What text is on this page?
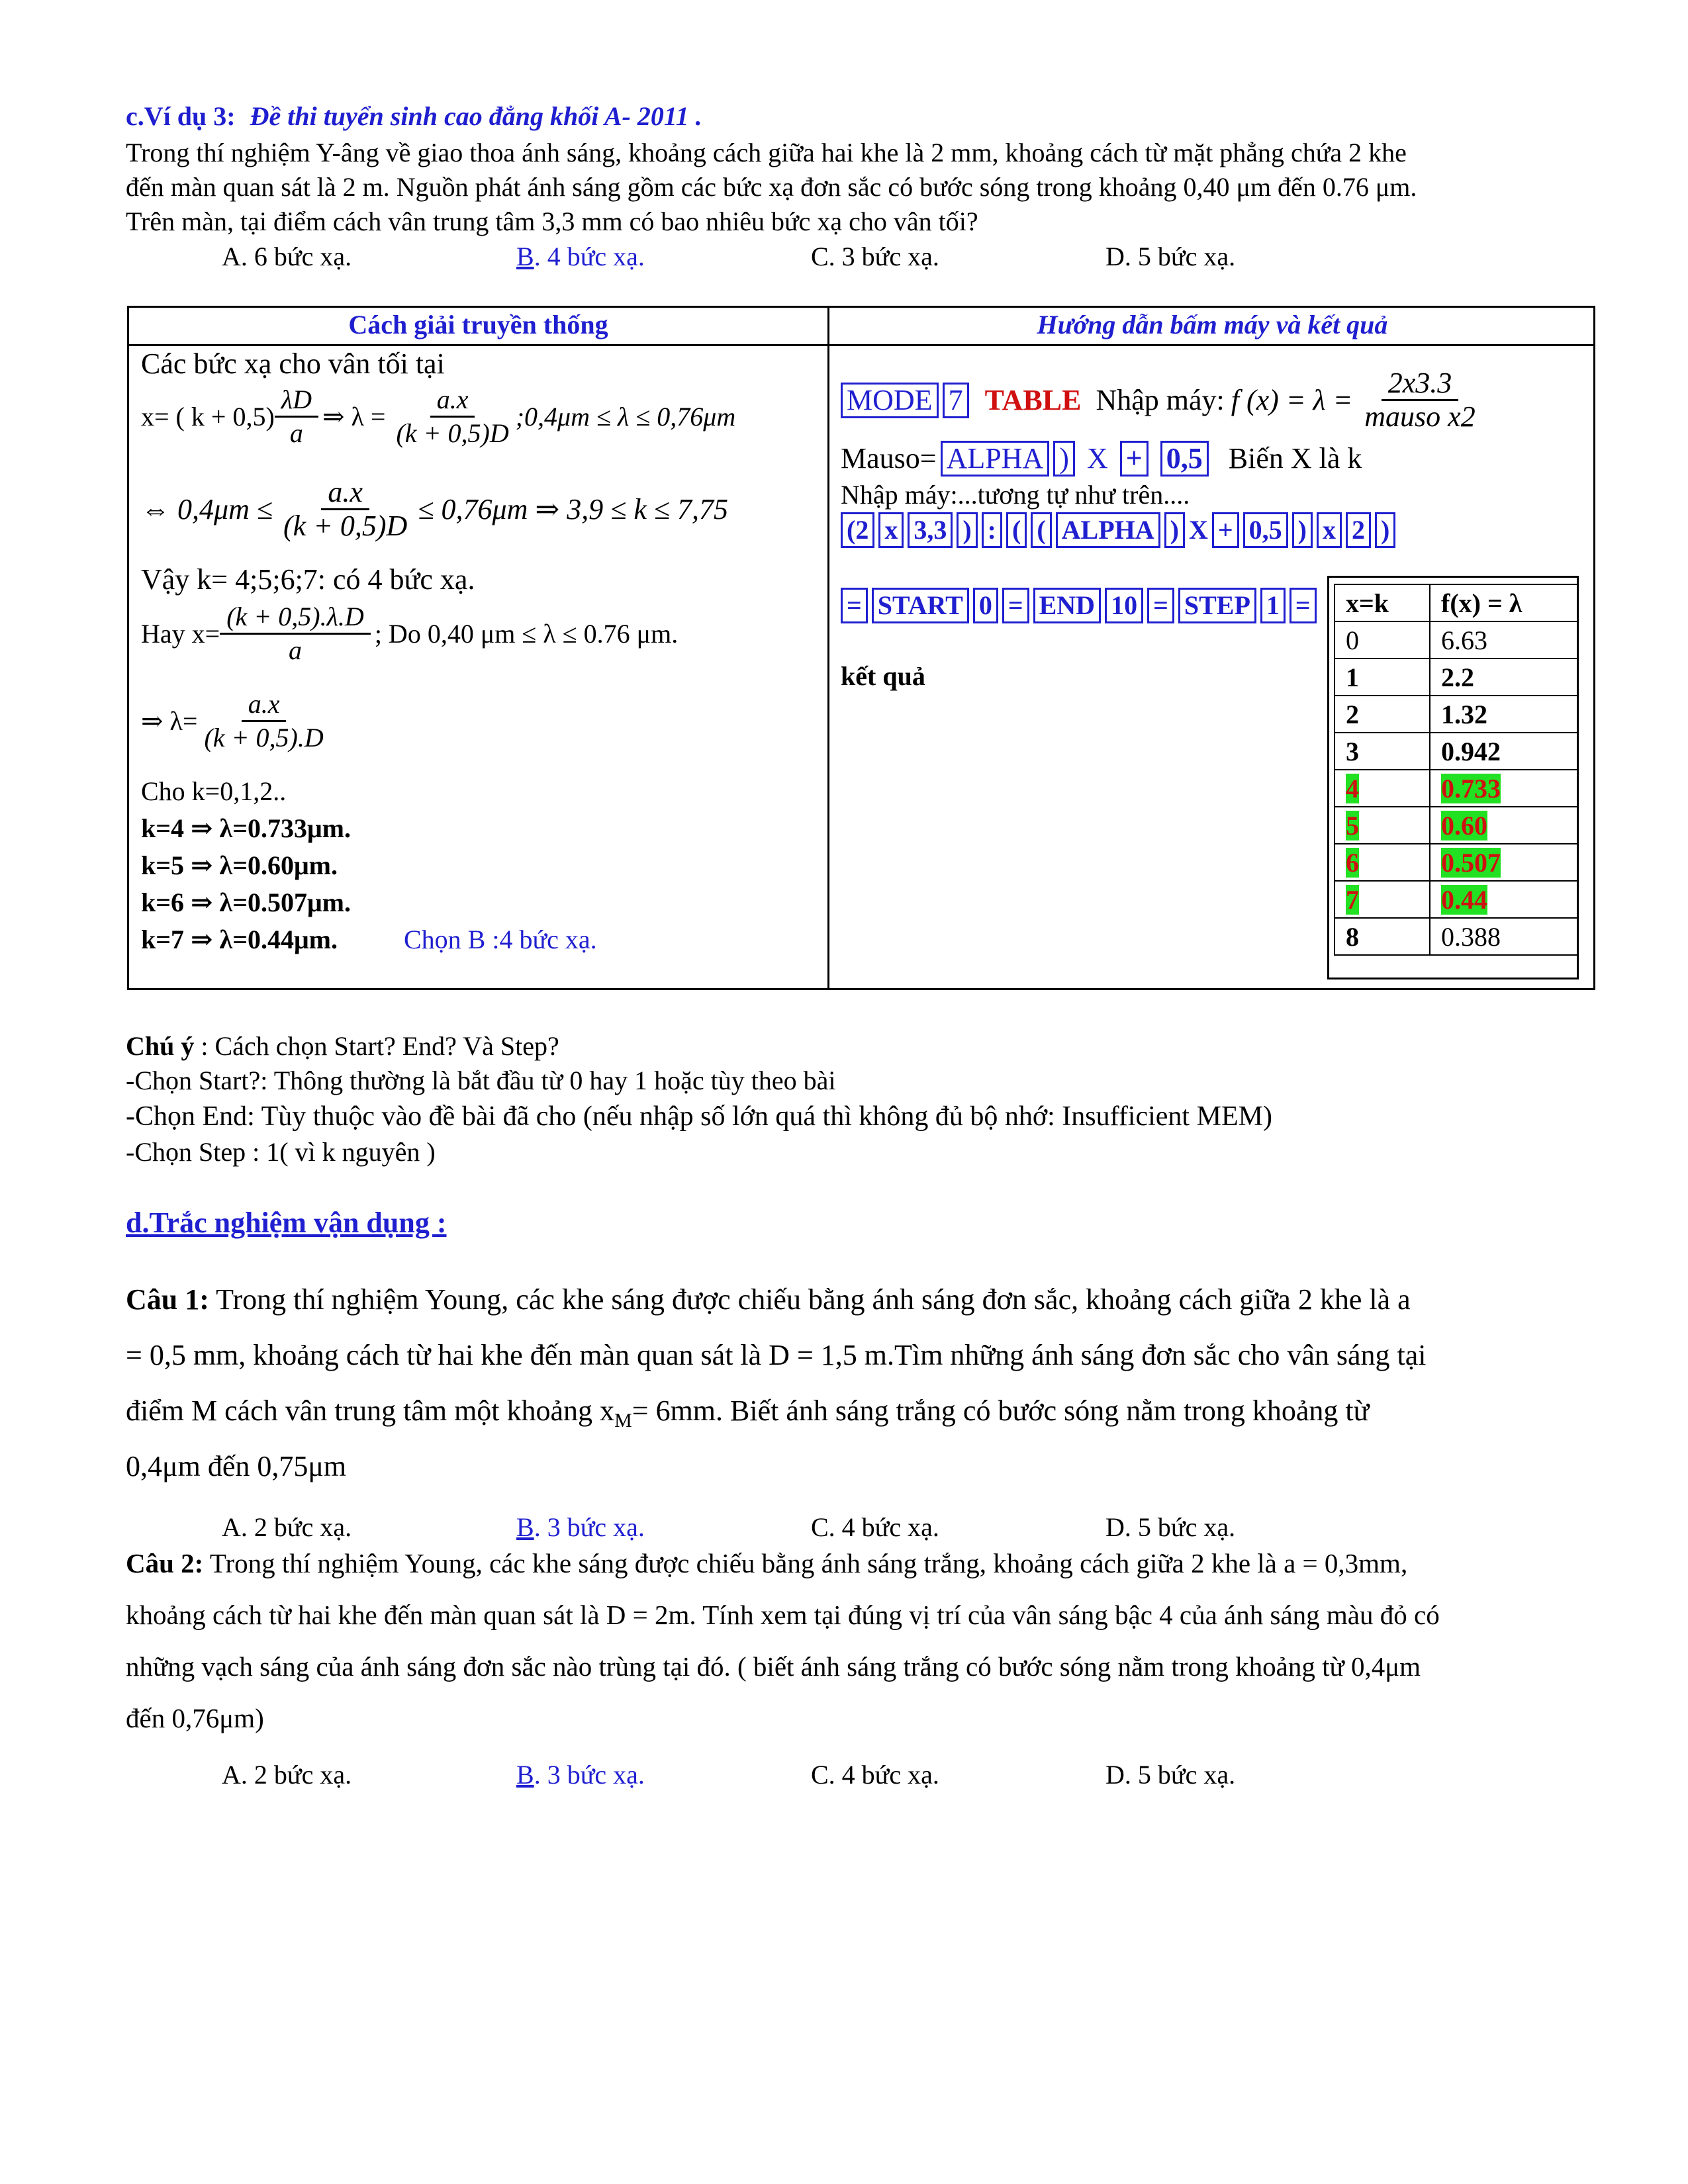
c.Ví dụ 3: Đề thi tuyển sinh cao đẳng khối A- 2011 .
Trong thí nghiệm Y-âng về giao thoa ánh sáng, khoảng cách giữa hai khe là 2 mm, khoảng cách từ mặt phẳng chứa 2 khe
đến màn quan sát là 2 m. Nguồn phát ánh sáng gồm các bức xạ đơn sắc có bước sóng trong khoảng 0,40 μm đến 0.76 μm.
Trên màn, tại điểm cách vân trung tâm 3,3 mm có bao nhiêu bức xạ cho vân tối?
A. 6 bức xạ.	B. 4 bức xạ.	C. 3 bức xạ.	D. 5 bức xạ.
Cách giải truyền thống	Hướng dẫn bấm máy và kết quả
Các bức xạ cho vân tối tại
x= ( $k + 0,5) \frac{\lambda D}{a}$ ⇒ $\lambda = \frac{a.x}{(k + 0,5)D}$ ;0,4μm ≤ λ ≤ 0,76μm
⇔ $0,4\mu m \le \frac{a.x}{(k + 0,5)D} \le 0,76\mu m$ ⇒ 3,9 ≤ k ≤ 7,75
Vậy k= 4;5;6;7: có 4 bức xạ.
Hay $x= \frac{(k + 0,5).\lambda.D}{a}$ ; Do 0,40 μm ≤ λ ≤ 0.76 μm.
⇒ $\lambda= \frac{a.x}{(k + 0,5).D}$
Cho k=0,1,2..
k=4 ⇒ λ=0.733μm.
k=5 ⇒ λ=0.60μm.
k=6 ⇒ λ=0.507μm.
k=7 ⇒ λ=0.44μm.	Chọn B :4 bức xạ.
MODE 7 TABLE Nhập máy: f $(x) = \lambda = \frac{2x3.3}{\text{mauso x2}}$
Mauso= ALPHA ) X + 0,5 Biến X là k
Nhập máy:...tương tự như trên....
(2 x 3,3 ) : ( ( ALPHA ) X + 0,5 ) x 2 )
= START 0 = END 10 = STEP 1 =
kết quả
x=k	f(x) = λ
0	6.63
1	2.2
2	1.32
3	0.942
4	0.733
5	0.60
6	0.507
7	0.44
8	0.388
Chú ý : Cách chọn Start? End? Và Step?
-Chọn Start?: Thông thường là bắt đầu từ 0 hay 1 hoặc tùy theo bài
-Chọn End: Tùy thuộc vào đề bài đã cho (nếu nhập số lớn quá thì không đủ bộ nhớ: Insufficient MEM)
-Chọn Step : 1( vì k nguyên )
d.Trắc nghiệm vận dụng :
Câu 1: Trong thí nghiệm Young, các khe sáng được chiếu bằng ánh sáng đơn sắc, khoảng cách giữa 2 khe là a
= 0,5 mm, khoảng cách từ hai khe đến màn quan sát là D = 1,5 m.Tìm những ánh sáng đơn sắc cho vân sáng tại
điểm M cách vân trung tâm một khoảng $x_M= 6mm$. Biết ánh sáng trắng có bước sóng nằm trong khoảng từ
0,4μm đến 0,75μm
A. 2 bức xạ.	B. 3 bức xạ.	C. 4 bức xạ.	D. 5 bức xạ.
Câu 2: Trong thí nghiệm Young, các khe sáng được chiếu bằng ánh sáng trắng, khoảng cách giữa 2 khe là a = 0,3mm,
khoảng cách từ hai khe đến màn quan sát là D = 2m. Tính xem tại đúng vị trí của vân sáng bậc 4 của ánh sáng màu đỏ có
những vạch sáng của ánh sáng đơn sắc nào trùng tại đó. ( biết ánh sáng trắng có bước sóng nằm trong khoảng từ 0,4μm
đến 0,76μm)
A. 2 bức xạ.	B. 3 bức xạ.	C. 4 bức xạ.	D. 5 bức xạ.
